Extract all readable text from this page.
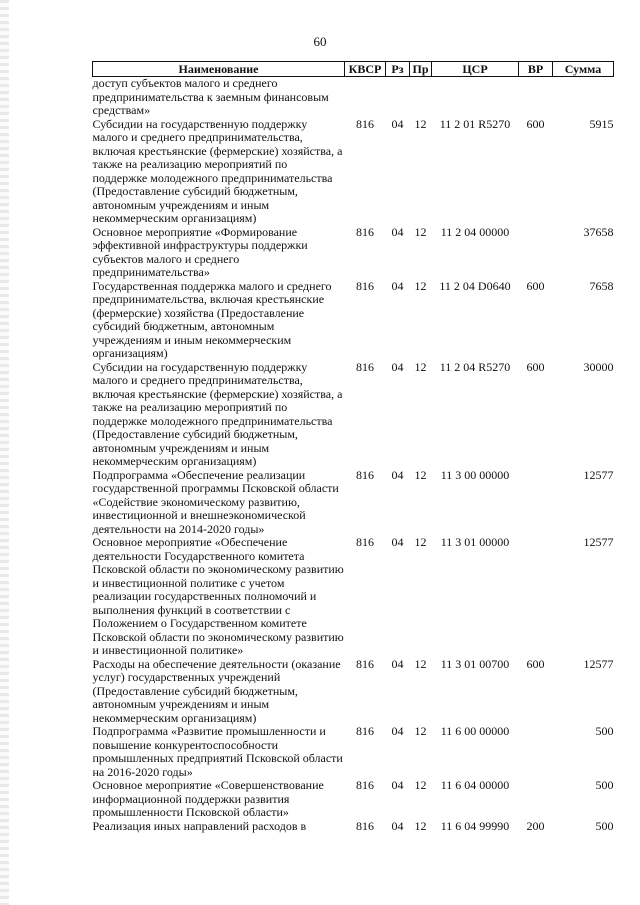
60
Наименование	КВСР	Рз	Пр	ЦСР	ВР	Сумма
доступ субъектов малого и среднего предпринимательства к заемным финансовым средствам»						
Субсидии на государственную поддержку малого и среднего предпринимательства, включая крестьянские (фермерские) хозяйства, а также на реализацию мероприятий по поддержке молодежного предпринимательства (Предоставление субсидий бюджетным, автономным учреждениям и иным некоммерческим организациям)	816	04	12	11 2 01 R5270	600	5915
Основное мероприятие «Формирование эффективной инфраструктуры поддержки субъектов малого и среднего предпринимательства»	816	04	12	11 2 04 00000		37658
Государственная поддержка малого и среднего предпринимательства, включая крестьянские (фермерские) хозяйства (Предоставление субсидий бюджетным, автономным учреждениям и иным некоммерческим организациям)	816	04	12	11 2 04 D0640	600	7658
Субсидии на государственную поддержку малого и среднего предпринимательства, включая крестьянские (фермерские) хозяйства, а также на реализацию мероприятий по поддержке молодежного предпринимательства (Предоставление субсидий бюджетным, автономным учреждениям и иным некоммерческим организациям)	816	04	12	11 2 04 R5270	600	30000
Подпрограмма «Обеспечение реализации государственной программы Псковской области «Содействие экономическому развитию, инвестиционной и внешнеэкономической деятельности на 2014-2020 годы»	816	04	12	11 3 00 00000		12577
Основное мероприятие «Обеспечение деятельности Государственного комитета Псковской области по экономическому развитию и инвестиционной политике с учетом реализации государственных полномочий и выполнения функций в соответствии с Положением о Государственном комитете Псковской области по экономическому развитию и инвестиционной политике»	816	04	12	11 3 01 00000		12577
Расходы на обеспечение деятельности (оказание услуг) государственных учреждений (Предоставление субсидий бюджетным, автономным учреждениям и иным некоммерческим организациям)	816	04	12	11 3 01 00700	600	12577
Подпрограмма «Развитие промышленности и повышение конкурентоспособности промышленных предприятий Псковской области на 2016-2020 годы»	816	04	12	11 6 00 00000		500
Основное мероприятие «Совершенствование информационной поддержки развития промышленности Псковской области»	816	04	12	11 6 04 00000		500
Реализация иных направлений расходов в	816	04	12	11 6 04 99990	200	500
